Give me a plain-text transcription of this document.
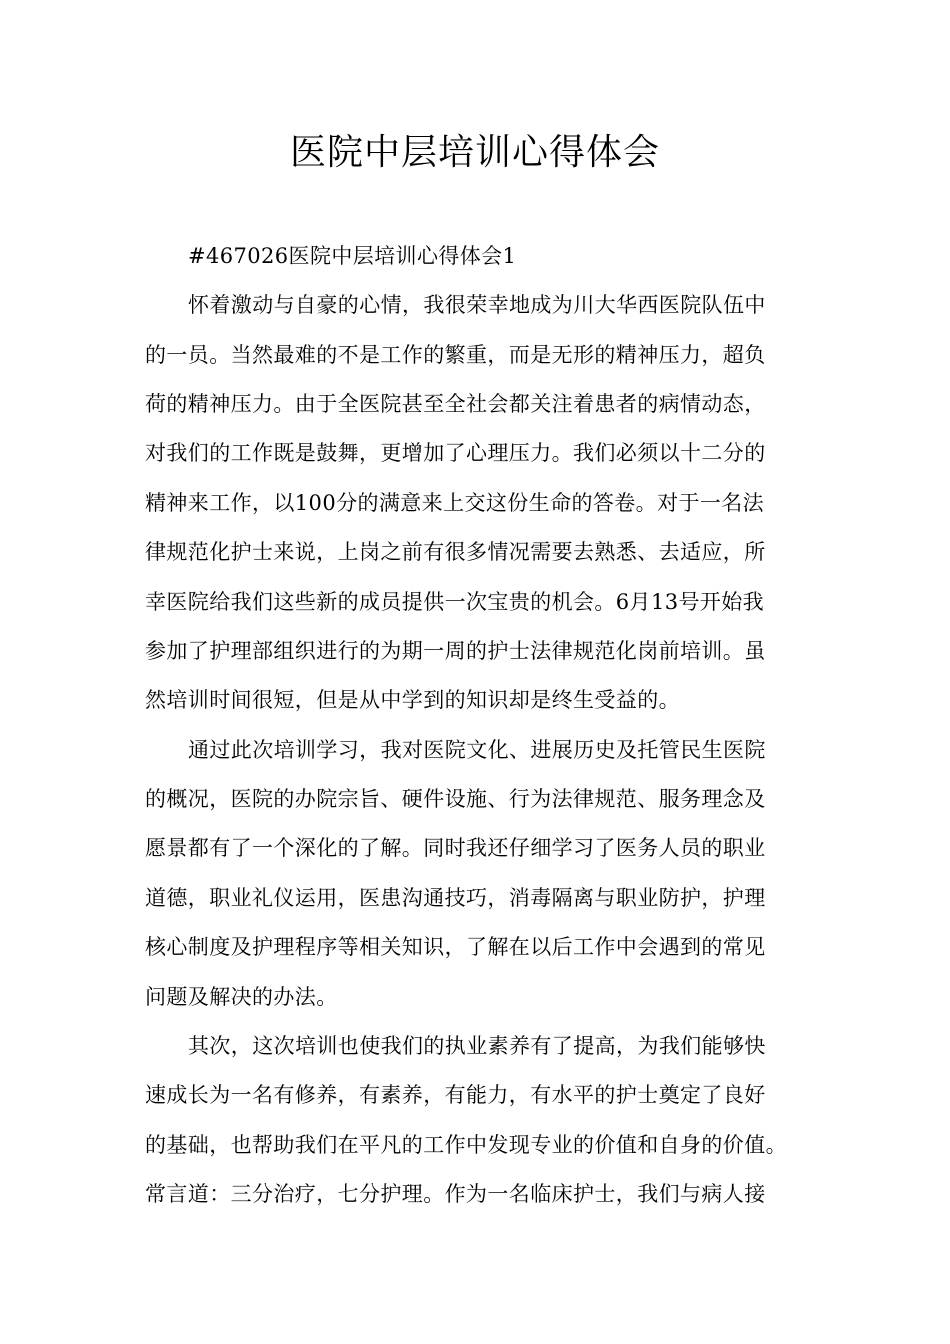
医院中层培训心得体会
#467026医院中层培训心得体会1
怀着激动与自豪的心情，我很荣幸地成为川大华西医院队伍中
的一员。当然最难的不是工作的繁重，而是无形的精神压力，超负
荷的精神压力。由于全医院甚至全社会都关注着患者的病情动态，
对我们的工作既是鼓舞，更增加了心理压力。我们必须以十二分的
精神来工作，以100分的满意来上交这份生命的答卷。对于一名法
律规范化护士来说，上岗之前有很多情况需要去熟悉、去适应，所
幸医院给我们这些新的成员提供一次宝贵的机会。6月13号开始我
参加了护理部组织进行的为期一周的护士法律规范化岗前培训。虽
然培训时间很短，但是从中学到的知识却是终生受益的。
通过此次培训学习，我对医院文化、进展历史及托管民生医院
的概况，医院的办院宗旨、硬件设施、行为法律规范、服务理念及
愿景都有了一个深化的了解。同时我还仔细学习了医务人员的职业
道德，职业礼仪运用，医患沟通技巧，消毒隔离与职业防护，护理
核心制度及护理程序等相关知识，了解在以后工作中会遇到的常见
问题及解决的办法。
其次，这次培训也使我们的执业素养有了提高，为我们能够快
速成长为一名有修养，有素养，有能力，有水平的护士奠定了良好
的基础，也帮助我们在平凡的工作中发现专业的价值和自身的价值。
常言道：三分治疗，七分护理。作为一名临床护士，我们与病人接
